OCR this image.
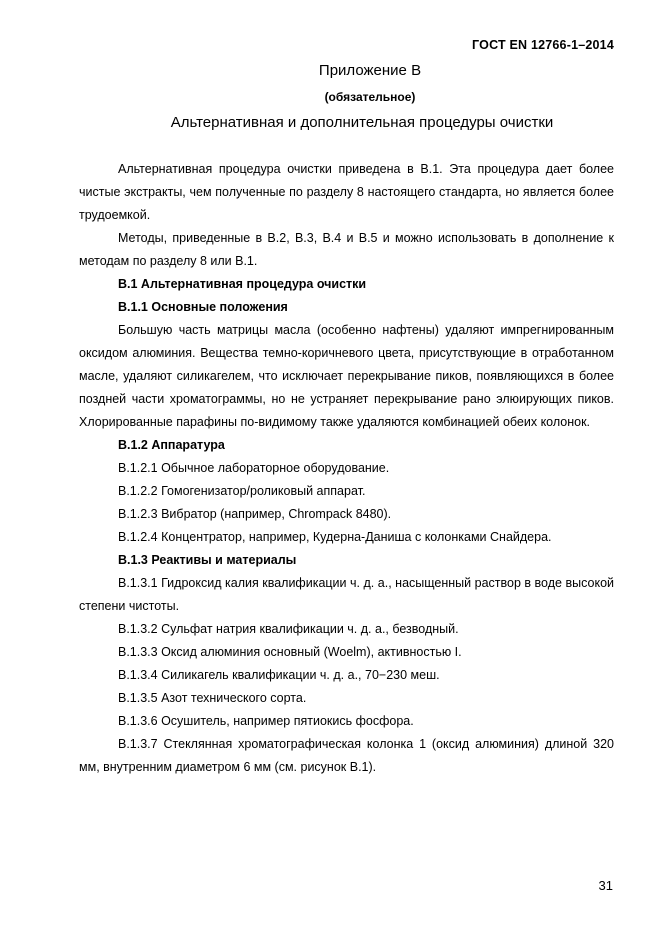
ГОСТ EN 12766-1–2014
Приложение В
(обязательное)
Альтернативная и дополнительная процедуры очистки

Альтернативная процедура очистки приведена в В.1. Эта процедура дает более чистые экстракты, чем полученные по разделу 8 настоящего стандарта, но является более трудоемкой.

Методы, приведенные в В.2, В.3, В.4 и В.5 и можно использовать в дополнение к методам по разделу 8 или В.1.

В.1 Альтернативная процедура очистки

В.1.1 Основные положения

Большую часть матрицы масла (особенно нафтены) удаляют импрегнированным оксидом алюминия. Вещества темно-коричневого цвета, присутствующие в отработанном масле, удаляют силикагелем, что исключает перекрывание пиков, появляющихся в более поздней части хроматограммы, но не устраняет перекрывание рано элюирующих пиков. Хлорированные парафины по-видимому также удаляются комбинацией обеих колонок.

В.1.2 Аппаратура

В.1.2.1 Обычное лабораторное оборудование.

В.1.2.2 Гомогенизатор/роликовый аппарат.

В.1.2.3 Вибратор (например, Chrompack 8480).

В.1.2.4 Концентратор, например, Кудерна-Даниша с колонками Снайдера.

В.1.3 Реактивы и материалы

В.1.3.1 Гидроксид калия квалификации ч. д. а., насыщенный раствор в воде высокой степени чистоты.

В.1.3.2 Сульфат натрия квалификации ч. д. а., безводный.

В.1.3.3 Оксид алюминия основный (Woelm), активностью I.

В.1.3.4 Силикагель квалификации ч. д. а., 70−230 меш.

В.1.3.5 Азот технического сорта.

В.1.3.6 Осушитель, например пятиокись фосфора.

В.1.3.7 Стеклянная хроматографическая колонка 1 (оксид алюминия) длиной 320 мм, внутренним диаметром 6 мм (см. рисунок В.1).

31
